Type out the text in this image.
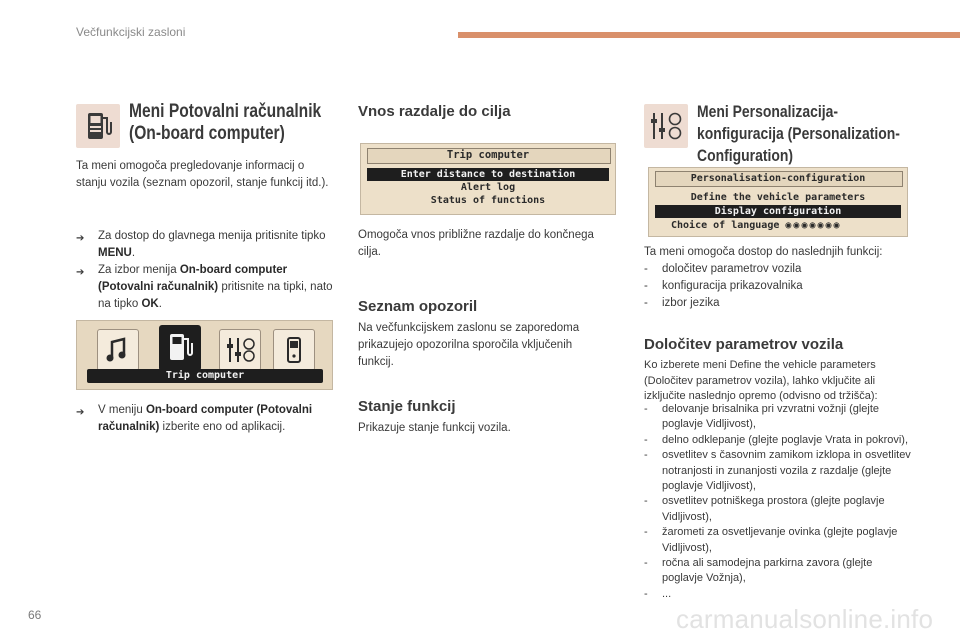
Večfunkcijski zasloni
Meni Potovalni računalnik
(On-board computer)
Ta meni omogoča pregledovanje informacij o stanju vozila (seznam opozoril, stanje funkcij itd.).
➔	Za dostop do glavnega menija pritisnite tipko MENU.
➔	Za izbor menija On-board computer (Potovalni računalnik) pritisnite na tipki, nato na tipko OK.
Trip computer
➔	V meniju On-board computer (Potovalni računalnik) izberite eno od aplikacij.
Vnos razdalje do cilja
Trip computer
Enter distance to destination
Alert log
Status of functions
Omogoča vnos približne razdalje do končnega cilja.
Seznam opozoril
Na večfunkcijskem zaslonu se zaporedoma prikazujejo opozorilna sporočila vključenih funkcij.
Stanje funkcij
Prikazuje stanje funkcij vozila.
Meni Personalizacija-
konfiguracija (Personalization-
Configuration)
Personalisation-configuration
Define the vehicle parameters
Display configuration
Choice of language ◉◉◉◉◉◉◉
Ta meni omogoča dostop do naslednjih funkcij:
-	določitev parametrov vozila
-	konfiguracija prikazovalnika
-	izbor jezika
Določitev parametrov vozila
Ko izberete meni Define the vehicle parameters (Določitev parametrov vozila), lahko vključite ali izključite naslednjo opremo (odvisno od tržišča):
-	delovanje brisalnika pri vzvratni vožnji (glejte poglavje Vidljivost),
-	delno odklepanje (glejte poglavje Vrata in pokrovi),
-	osvetlitev s časovnim zamikom izklopa in osvetlitev notranjosti in zunanjosti vozila z razdalje (glejte poglavje Vidljivost),
-	osvetlitev potniškega prostora (glejte poglavje Vidljivost),
-	žarometi za osvetljevanje ovinka (glejte poglavje Vidljivost),
-	ročna ali samodejna parkirna zavora (glejte poglavje Vožnja),
-	...
66	carmanualsonline.info
